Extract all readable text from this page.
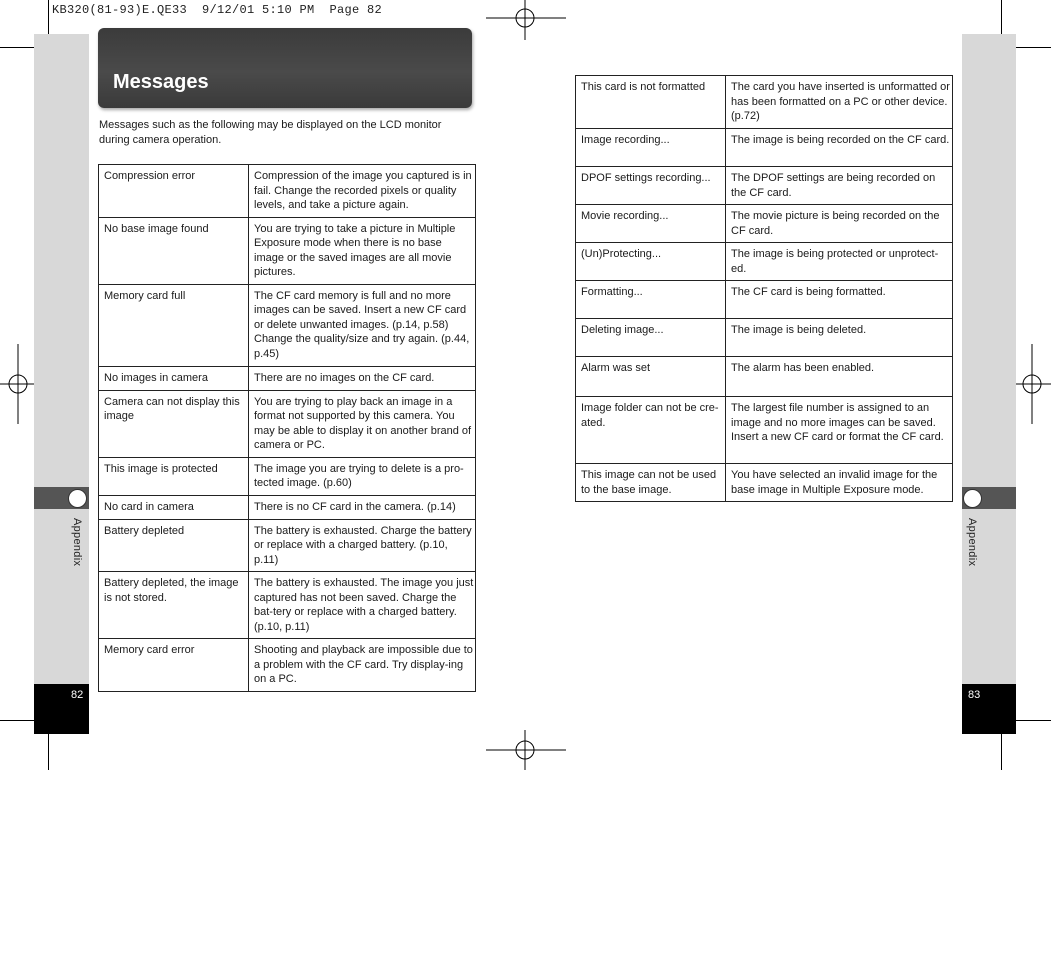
KB320(81-93)E.QE33  9/12/01 5:10 PM  Page 82
Appendix
82
Appendix
83
Messages
Messages such as the following may be displayed on the LCD monitor during camera operation.
Compression error	Compression of the image you captured is in fail. Change the recorded pixels or quality levels, and take a picture again.
No base image found	You are trying to take a picture in Multiple Exposure mode when there is no base image or the saved images are all movie pictures.
Memory card full	The CF card memory is full and no more images can be saved. Insert a new CF card or delete unwanted images. (p.14, p.58) Change the quality/size and try again. (p.44, p.45)
No images in camera	There are no images on the CF card.
Camera can not display this image	You are trying to play back an image in a format not supported by this camera. You may be able to display it on another brand of camera or PC.
This image is protected	The image you are trying to delete is a pro-tected image. (p.60)
No card in camera	There is no CF card in the camera. (p.14)
Battery depleted	The battery is exhausted. Charge the battery or replace with a charged battery. (p.10, p.11)
Battery depleted, the image is not stored.	The battery is exhausted. The image you just captured has not been saved. Charge the bat-tery or replace with a charged battery. (p.10, p.11)
Memory card error	Shooting and playback are impossible due to a problem with the CF card. Try display-ing on a PC.
This card is not formatted	The card you have inserted is unformatted or has been formatted on a PC or other device. (p.72)
Image recording...	The image is being recorded on the CF card.
DPOF settings recording...	The DPOF settings are being recorded on the CF card.
Movie recording...	The movie picture is being recorded on the CF card.
(Un)Protecting...	The image is being protected or unprotect-ed.
Formatting...	The CF card is being formatted.
Deleting image...	The image is being deleted.
Alarm was set	The alarm has been enabled.
Image folder can not be cre-ated.	The largest file number is assigned to an image and no more images can be saved. Insert a new CF card or format the CF card.
This image can not be used to the base image.	You have selected an invalid image for the base image in Multiple Exposure mode.
